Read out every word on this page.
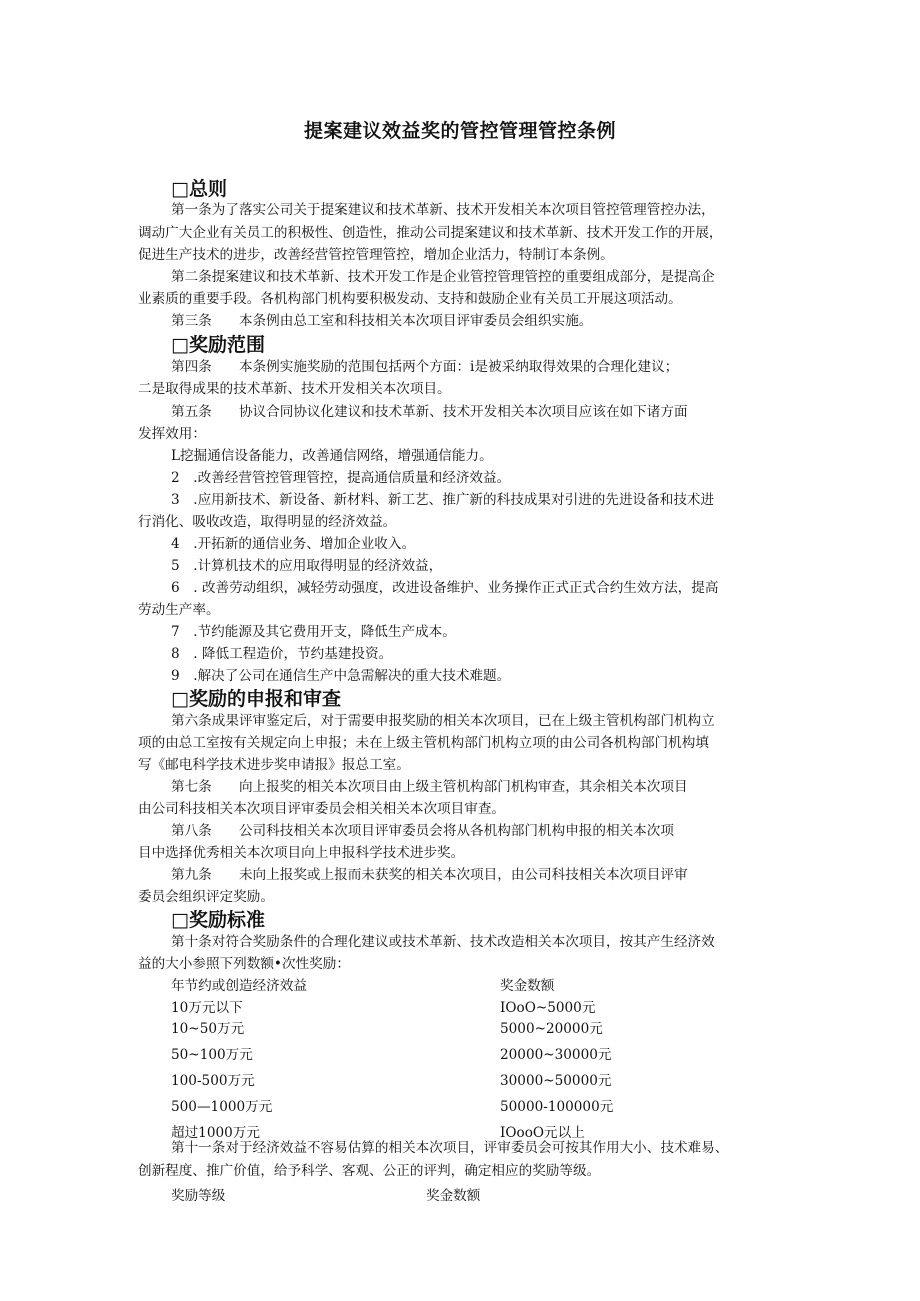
提案建议效益奖的管控管理管控条例
□总则
第一条为了落实公司关于提案建议和技术革新、技术开发相关本次项目管控管理管控办法，
调动广大企业有关员工的积极性、创造性，推动公司提案建议和技术革新、技术开发工作的开展，
促进生产技术的进步，改善经营管控管理管控，增加企业活力，特制订本条例。
第二条提案建议和技术革新、技术开发工作是企业管控管理管控的重要组成部分，是提高企
业素质的重要手段。各机构部门机构要积极发动、支持和鼓励企业有关员工开展这项活动。
第三条　　本条例由总工室和科技相关本次项目评审委员会组织实施。
□奖励范围
第四条　　本条例实施奖励的范围包括两个方面：i是被采纳取得效果的合理化建议；
二是取得成果的技术革新、技术开发相关本次项目。
第五条　　协议合同协议化建议和技术革新、技术开发相关本次项目应该在如下诸方面
发挥效用：
L挖掘通信设备能力，改善通信网络，增强通信能力。
2　.改善经营管控管理管控，提高通信质量和经济效益。
3　.应用新技术、新设备、新材料、新工艺、推广新的科技成果对引进的先进设备和技术进
行消化、吸收改造，取得明显的经济效益。
4　.开拓新的通信业务、增加企业收入。
5　.计算机技术的应用取得明显的经济效益，
6　. 改善劳动组织，减轻劳动强度，改进设备维护、业务操作正式正式合约生效方法，提高
劳动生产率。
7　.节约能源及其它费用开支，降低生产成本。
8　. 降低工程造价，节约基建投资。
9　.解决了公司在通信生产中急需解决的重大技术难题。
□奖励的申报和审查
第六条成果评审鉴定后，对于需要申报奖励的相关本次项目，已在上级主管机构部门机构立
项的由总工室按有关规定向上申报；未在上级主管机构部门机构立项的由公司各机构部门机构填
写《邮电科学技术进步奖申请报》报总工室。
第七条　　向上报奖的相关本次项目由上级主管机构部门机构审查，其余相关本次项目
由公司科技相关本次项目评审委员会相关相关本次项目审查。
第八条　　公司科技相关本次项目评审委员会将从各机构部门机构申报的相关本次项
目中选择优秀相关本次项目向上申报科学技术进步奖。
第九条　　未向上报奖或上报而未获奖的相关本次项目，由公司科技相关本次项目评审
委员会组织评定奖励。
□奖励标准
第十条对符合奖励条件的合理化建议或技术革新、技术改造相关本次项目，按其产生经济效
益的大小参照下列数额•次性奖励：
年节约或创造经济效益	奖金数额
10万元以下	IOoO~5000元
10~50万元	5000~20000元
50~100万元	20000~30000元
100-500万元	30000~50000元
500—1000万元	50000-100000元
超过1000万元	IOooO元以上
第十一条对于经济效益不容易估算的相关本次项目，评审委员会可按其作用大小、技术难易、
创新程度、推广价值，给予科学、客观、公正的评判，确定相应的奖励等级。
奖励等级	奖金数额
